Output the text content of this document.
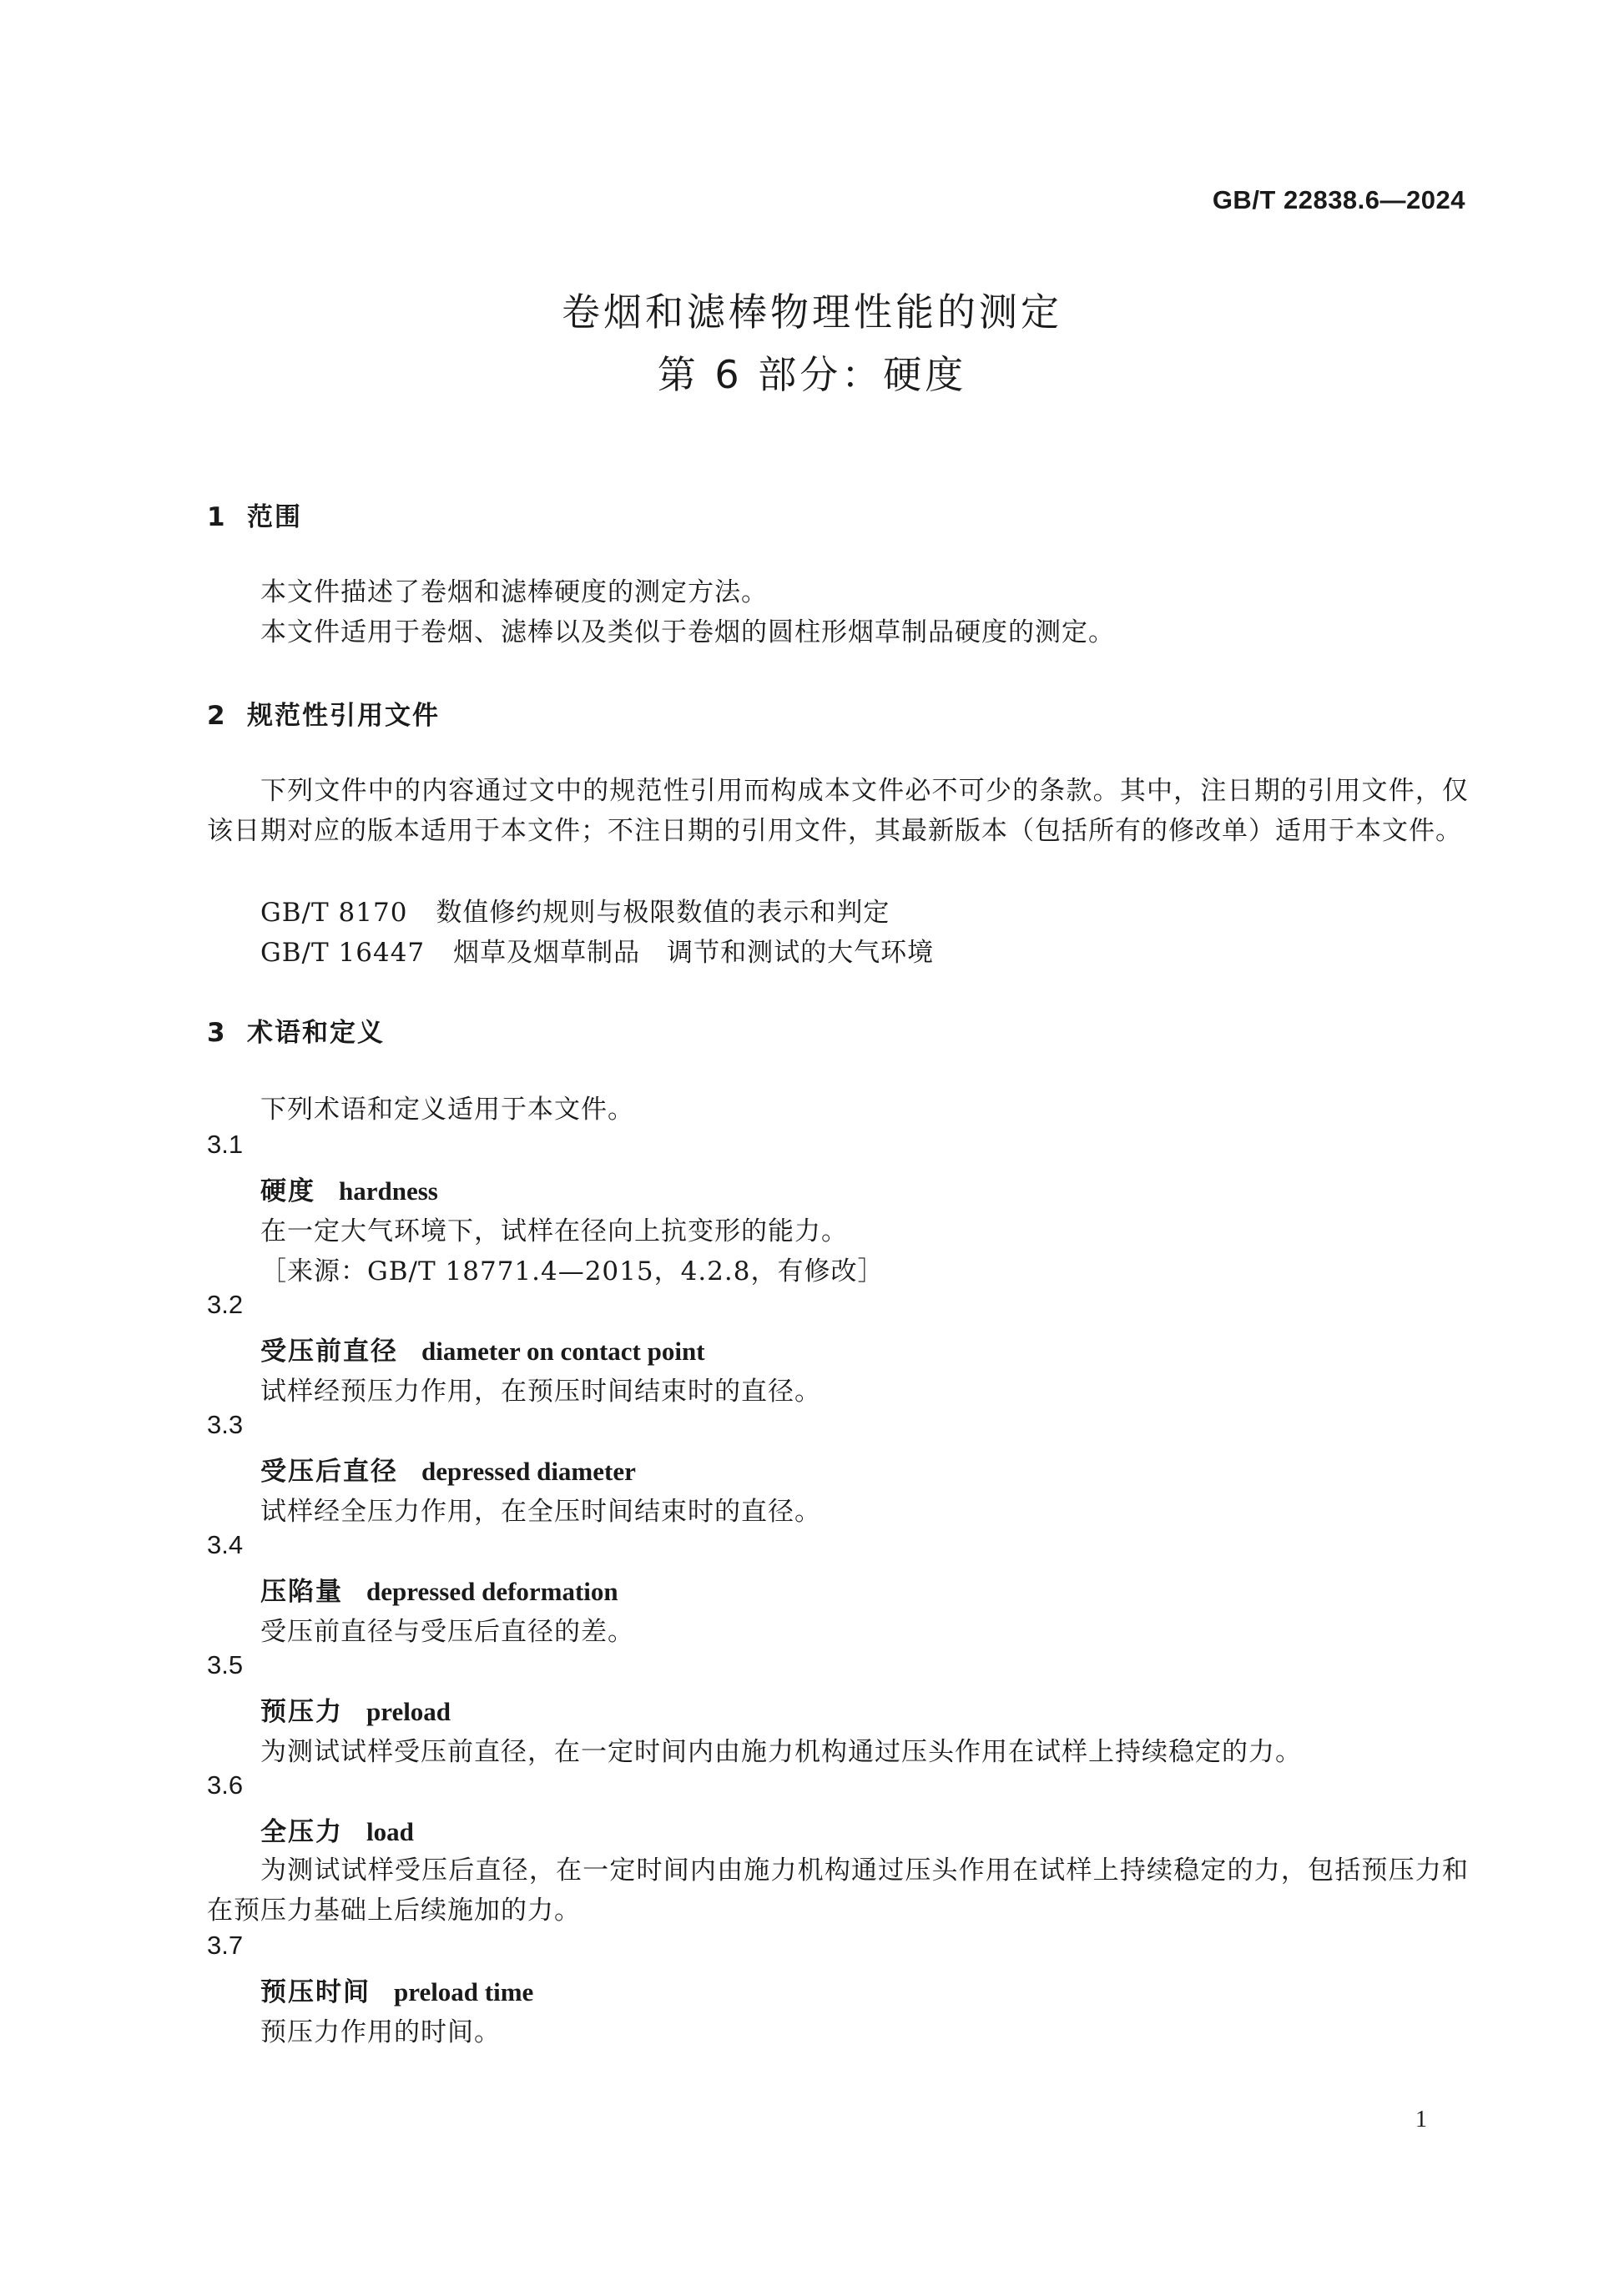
GB/T 22838.6—2024
卷烟和滤棒物理性能的测定
第 6 部分：硬度
1 范围
本文件描述了卷烟和滤棒硬度的测定方法。
本文件适用于卷烟、滤棒以及类似于卷烟的圆柱形烟草制品硬度的测定。
2 规范性引用文件
下列文件中的内容通过文中的规范性引用而构成本文件必不可少的条款。其中，注日期的引用文件，仅该日期对应的版本适用于本文件；不注日期的引用文件，其最新版本（包括所有的修改单）适用于本文件。
GB/T 8170 数值修约规则与极限数值的表示和判定
GB/T 16447 烟草及烟草制品　调节和测试的大气环境
3 术语和定义
下列术语和定义适用于本文件。
3.1
硬度 hardness
在一定大气环境下，试样在径向上抗变形的能力。
［来源：GB/T 18771.4—2015，4.2.8，有修改］
3.2
受压前直径 diameter on contact point
试样经预压力作用，在预压时间结束时的直径。
3.3
受压后直径 depressed diameter
试样经全压力作用，在全压时间结束时的直径。
3.4
压陷量 depressed deformation
受压前直径与受压后直径的差。
3.5
预压力 preload
为测试试样受压前直径，在一定时间内由施力机构通过压头作用在试样上持续稳定的力。
3.6
全压力 load
为测试试样受压后直径，在一定时间内由施力机构通过压头作用在试样上持续稳定的力，包括预压力和在预压力基础上后续施加的力。
3.7
预压时间 preload time
预压力作用的时间。
1
